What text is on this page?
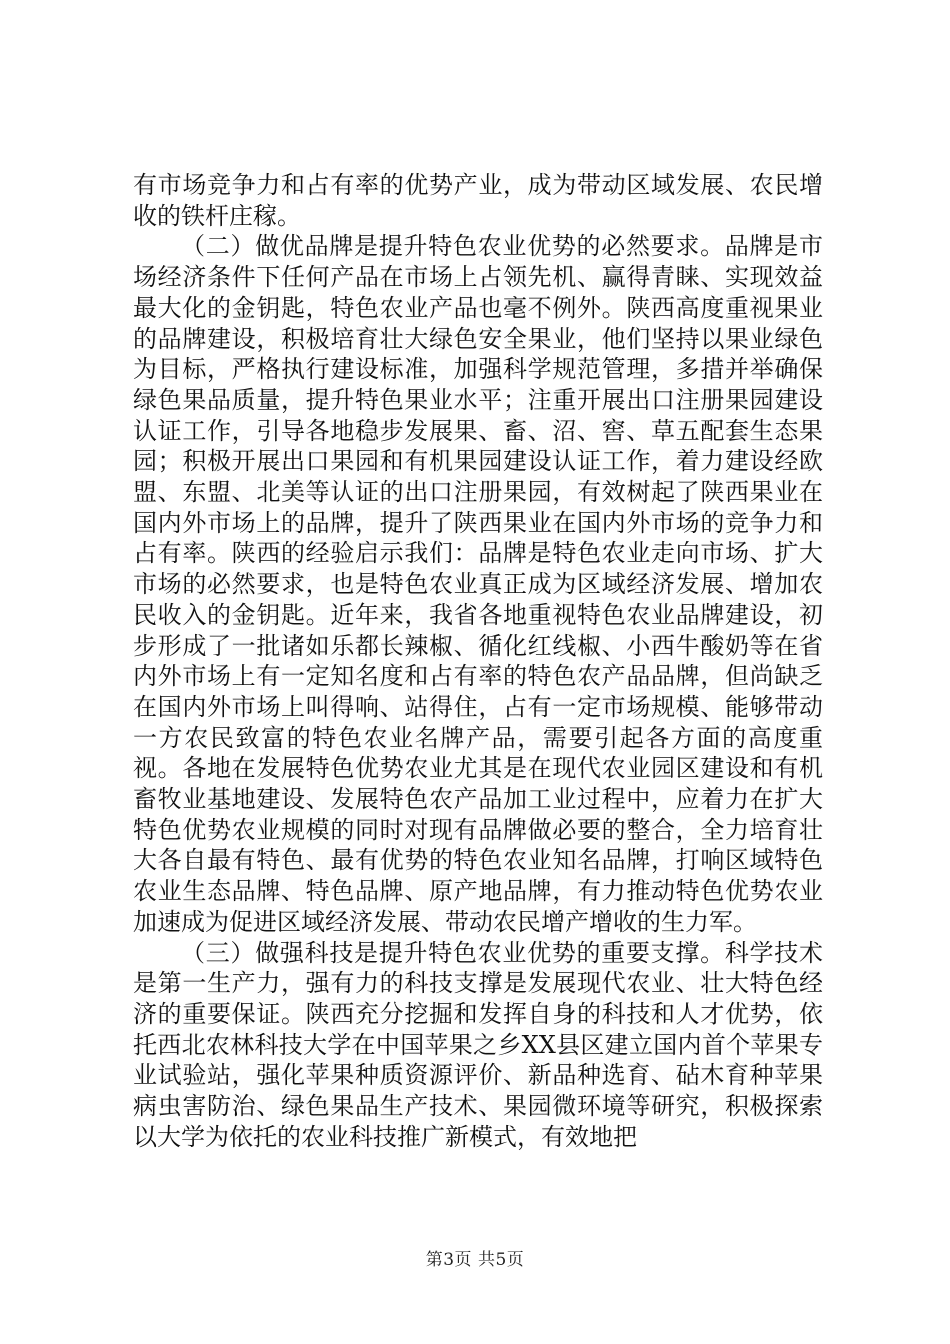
有市场竞争力和占有率的优势产业，成为带动区域发展、农民增收的铁杆庄稼。

（二）做优品牌是提升特色农业优势的必然要求。品牌是市场经济条件下任何产品在市场上占领先机、赢得青睐、实现效益最大化的金钥匙，特色农业产品也毫不例外。陕西高度重视果业的品牌建设，积极培育壮大绿色安全果业，他们坚持以果业绿色为目标，严格执行建设标准，加强科学规范管理，多措并举确保绿色果品质量，提升特色果业水平；注重开展出口注册果园建设认证工作，引导各地稳步发展果、畜、沼、窖、草五配套生态果园；积极开展出口果园和有机果园建设认证工作，着力建设经欧盟、东盟、北美等认证的出口注册果园，有效树起了陕西果业在国内外市场上的品牌，提升了陕西果业在国内外市场的竞争力和占有率。陕西的经验启示我们：品牌是特色农业走向市场、扩大市场的必然要求，也是特色农业真正成为区域经济发展、增加农民收入的金钥匙。近年来，我省各地重视特色农业品牌建设，初步形成了一批诸如乐都长辣椒、循化红线椒、小西牛酸奶等在省内外市场上有一定知名度和占有率的特色农产品品牌，但尚缺乏在国内外市场上叫得响、站得住，占有一定市场规模、能够带动一方农民致富的特色农业名牌产品，需要引起各方面的高度重视。各地在发展特色优势农业尤其是在现代农业园区建设和有机畜牧业基地建设、发展特色农产品加工业过程中，应着力在扩大特色优势农业规模的同时对现有品牌做必要的整合，全力培育壮大各自最有特色、最有优势的特色农业知名品牌，打响区域特色农业生态品牌、特色品牌、原产地品牌，有力推动特色优势农业加速成为促进区域经济发展、带动农民增产增收的生力军。

（三）做强科技是提升特色农业优势的重要支撑。科学技术是第一生产力，强有力的科技支撑是发展现代农业、壮大特色经济的重要保证。陕西充分挖掘和发挥自身的科技和人才优势，依托西北农林科技大学在中国苹果之乡XX县区建立国内首个苹果专业试验站，强化苹果种质资源评价、新品种选育、砧木育种苹果病虫害防治、绿色果品生产技术、果园微环境等研究，积极探索以大学为依托的农业科技推广新模式，有效地把

第3页 共5页
